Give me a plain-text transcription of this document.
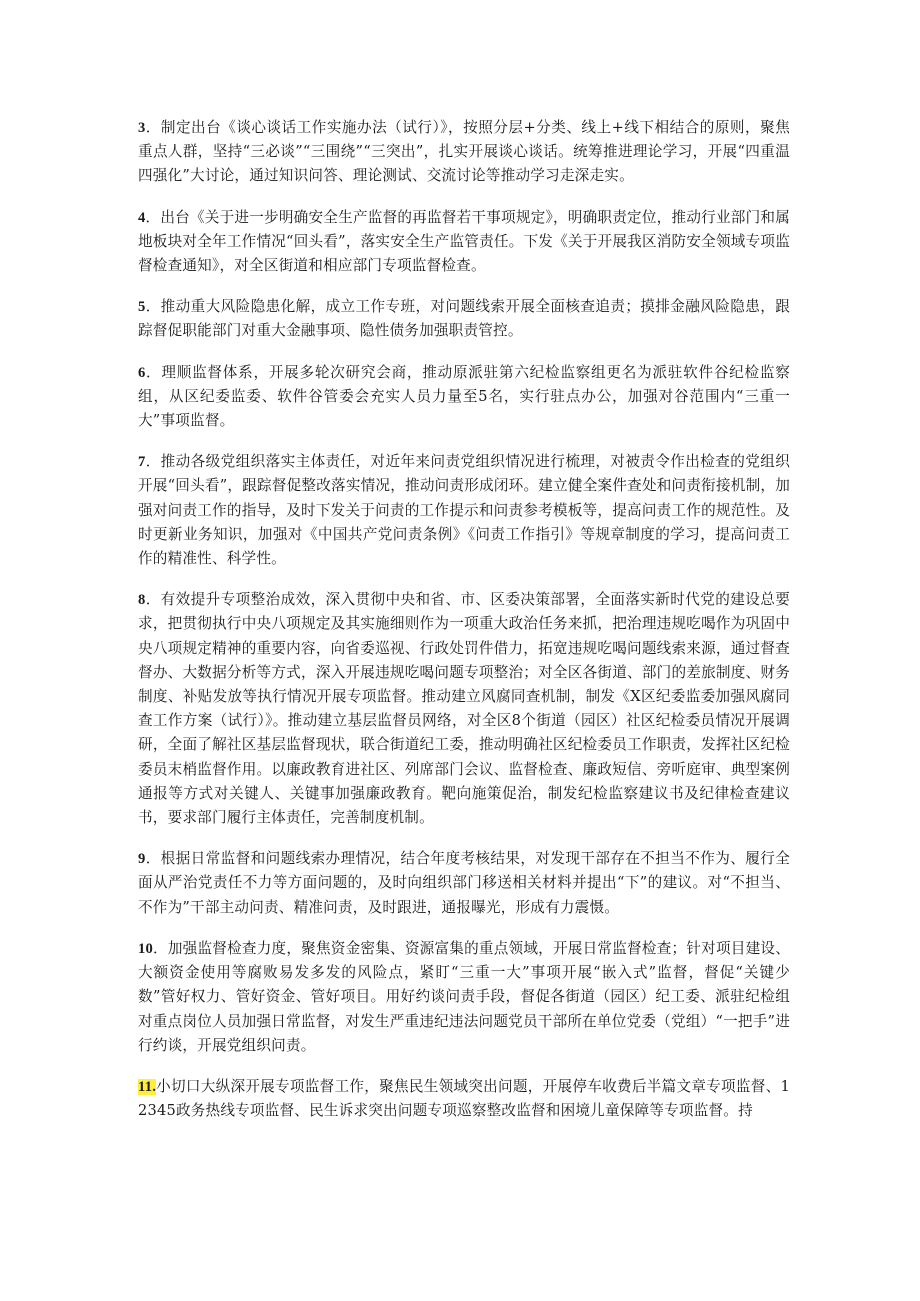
3．制定出台《谈心谈话工作实施办法（试行）》，按照分层+分类、线上+线下相结合的原则，聚焦重点人群，坚持“三必谈”“三围绕”“三突出”，扎实开展谈心谈话。统筹推进理论学习，开展“四重温四强化”大讨论，通过知识问答、理论测试、交流讨论等推动学习走深走实。

4．出台《关于进一步明确安全生产监督的再监督若干事项规定》，明确职责定位，推动行业部门和属地板块对全年工作情况“回头看”，落实安全生产监管责任。下发《关于开展我区消防安全领域专项监督检查通知》，对全区街道和相应部门专项监督检查。

5．推动重大风险隐患化解，成立工作专班，对问题线索开展全面核查追责；摸排金融风险隐患，跟踪督促职能部门对重大金融事项、隐性债务加强职责管控。

6．理顺监督体系，开展多轮次研究会商，推动原派驻第六纪检监察组更名为派驻软件谷纪检监察组，从区纪委监委、软件谷管委会充实人员力量至5名，实行驻点办公，加强对谷范围内“三重一大”事项监督。

7．推动各级党组织落实主体责任，对近年来问责党组织情况进行梳理，对被责令作出检查的党组织开展“回头看”，跟踪督促整改落实情况，推动问责形成闭环。建立健全案件查处和问责衔接机制，加强对问责工作的指导，及时下发关于问责的工作提示和问责参考模板等，提高问责工作的规范性。及时更新业务知识，加强对《中国共产党问责条例》《问责工作指引》等规章制度的学习，提高问责工作的精准性、科学性。

8．有效提升专项整治成效，深入贯彻中央和省、市、区委决策部署，全面落实新时代党的建设总要求，把贯彻执行中央八项规定及其实施细则作为一项重大政治任务来抓，把治理违规吃喝作为巩固中央八项规定精神的重要内容，向省委巡视、行政处罚件借力，拓宽违规吃喝问题线索来源，通过督查督办、大数据分析等方式，深入开展违规吃喝问题专项整治；对全区各街道、部门的差旅制度、财务制度、补贴发放等执行情况开展专项监督。推动建立风腐同查机制，制发《X区纪委监委加强风腐同查工作方案（试行）》。推动建立基层监督员网络，对全区8个街道（园区）社区纪检委员情况开展调研，全面了解社区基层监督现状，联合街道纪工委，推动明确社区纪检委员工作职责，发挥社区纪检委员末梢监督作用。以廉政教育进社区、列席部门会议、监督检查、廉政短信、旁听庭审、典型案例通报等方式对关键人、关键事加强廉政教育。靶向施策促治，制发纪检监察建议书及纪律检查建议书，要求部门履行主体责任，完善制度机制。

9．根据日常监督和问题线索办理情况，结合年度考核结果，对发现干部存在不担当不作为、履行全面从严治党责任不力等方面问题的，及时向组织部门移送相关材料并提出“下”的建议。对“不担当、不作为”干部主动问责、精准问责，及时跟进，通报曝光，形成有力震慑。

10．加强监督检查力度，聚焦资金密集、资源富集的重点领域，开展日常监督检查；针对项目建设、大额资金使用等腐败易发多发的风险点，紧盯“三重一大”事项开展“嵌入式”监督，督促“关键少数”管好权力、管好资金、管好项目。用好约谈问责手段，督促各街道（园区）纪工委、派驻纪检组对重点岗位人员加强日常监督，对发生严重违纪违法问题党员干部所在单位党委（党组）“一把手”进行约谈，开展党组织问责。

11.小切口大纵深开展专项监督工作，聚焦民生领域突出问题，开展停车收费后半篇文章专项监督、12345政务热线专项监督、民生诉求突出问题专项巡察整改监督和困境儿童保障等专项监督。持
